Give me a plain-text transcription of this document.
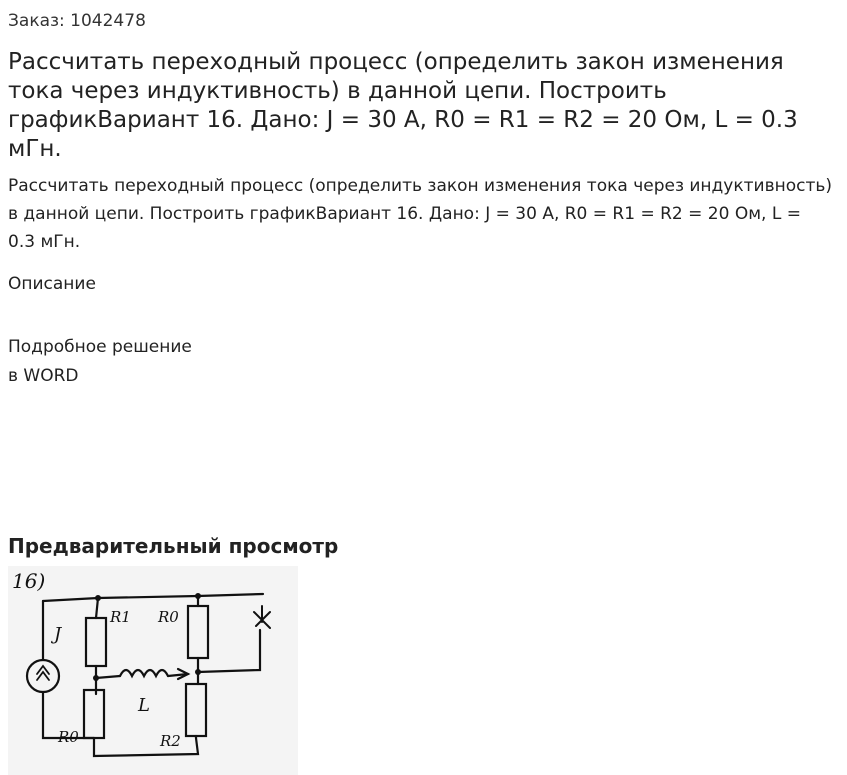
Заказ: 1042478
Рассчитать переходный процесс (определить закон изменения тока через индуктивность) в данной цепи. Построить графикВариант 16. Дано: J = 30 А, R0 = R1 = R2 = 20 Ом, L = 0.3 мГн.
Рассчитать переходный процесс (определить закон изменения тока через индуктивность) в данной цепи. Построить графикВариант 16. Дано: J = 30 А, R0 = R1 = R2 = 20 Ом, L = 0.3 мГн.
Описание
Подробное решение
в WORD
Предварительный просмотр
16)
J
R1 R0
R0	R2
L
